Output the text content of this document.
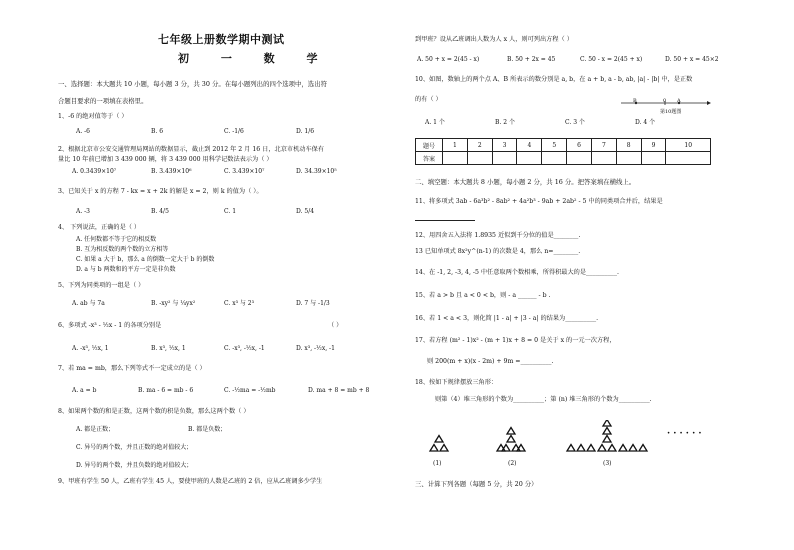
七年级上册数学期中测试
初 一 数 学
一、选择题：本大题共 10 小题，每小题 3 分，共 30 分。在每小题列出的四个选项中，选出符
合题目要求的一项填在表格里。
1、-6 的绝对值等于（ ）
A. -6	B. 6	C. -1/6	D. 1/6
2、根据北京市公安交通管理局网站的数据显示，截止到 2012 年 2 月 16 日，北京市机动车保有
量比 10 年前已增加 3 439 000 辆，将 3 439 000 用科学记数法表示为（ ）
A. 0.3439×10⁷	B. 3.439×10⁶	C. 3.439×10⁷	D. 34.39×10⁵
3、已知关于 x 的方程 7 - kx = x + 2k 的解是 x = 2，则 k 的值为（ ）。
A. -3	B. 4/5	C. 1	D. 5/4
4、 下列说法，正确的是（ ）
A. 任何数都不等于它的相反数
B. 互为相反数的两个数的立方相等
C. 如果 a 大于 b，那么 a 的倒数一定大于 b 的倒数
D. a 与 b 两数和的平方一定是非负数
5、下列为同类项的一组是（ ）
A. ab 与 7a	B. -xy² 与 ¼yx²	C. x³ 与 2³	D. 7 与 -1/3
6、多项式 -x³ - ½x - 1 的各项分别是	（ ）
A. -x³, ½x, 1	B. x³, ½x, 1	C. -x³, -½x, -1	D. x³, -½x, -1
7、若 ma = mb，那么下列等式不一定成立的是（ ）
A. a = b	B. ma - 6 = mb - 6	C. -½ma = -½mb	D. ma + 8 = mb + 8
8、如果两个数的和是正数，这两个数的积是负数，那么这两个数（ ）
A. 都是正数；	B. 都是负数；
C. 异号的两个数，并且正数的绝对值较大；
D. 异号的两个数，并且负数的绝对值较大；
9、甲班有学生 50 人，乙班有学生 45 人，要使甲班的人数是乙班的 2 倍，应从乙班调多少学生
到甲班？设从乙班调出人数为人 x 人，则可列出方程（ ）
A. 50 + x = 2(45 - x)	B. 50 + 2x = 45	C. 50 - x = 2(45 + x)	D. 50 + x = 45×2
10、如图，数轴上的两个点 A、B 所表示的数分别是 a, b，在 a + b, a - b, ab, |a| - |b| 中，是正数
的有（ ）	B	0 A
第10题图
A. 1 个	B. 2 个	C. 3 个	D. 4 个
题号	1	2	3	4	5	6	7	8	9	10
答案										
二、填空题：本大题共 8 小题，每小题 2 分，共 16 分。把答案填在横线上。
11、将多项式 3ab - 6a³b² - 8ab² + 4a²b³ - 9ab + 2ab² - 5 中的同类项合并后，结果是
12、用四舍五入法将 1.8935 近似到千分位的值是________.
13 已知单项式 8x²y^(n-1) 的次数是 4，那么 n=________.
14、在 -1, 2, -3, 4, -5 中任意取两个数相乘，所得积最大的是__________.
15、若 a > b 且 a < 0 < b，则 - a ______ - b .
16、若 1 < a < 3，则化简 |1 - a| + |3 - a| 的结果为__________.
17、若方程 (m² - 1)x² - (m + 1)x + 8 = 0 是关于 x 的一元一次方程，
则 200(m + x)(x - 2m) + 9m =__________.
18、按如下规律摆放三角形：
则第（4）堆三角形的个数为__________；第 (n) 堆三角形的个数为__________.
(1)	(2)	(3)
· · · · · ·
三、计算下列各题（每题 5 分，共 20 分）
